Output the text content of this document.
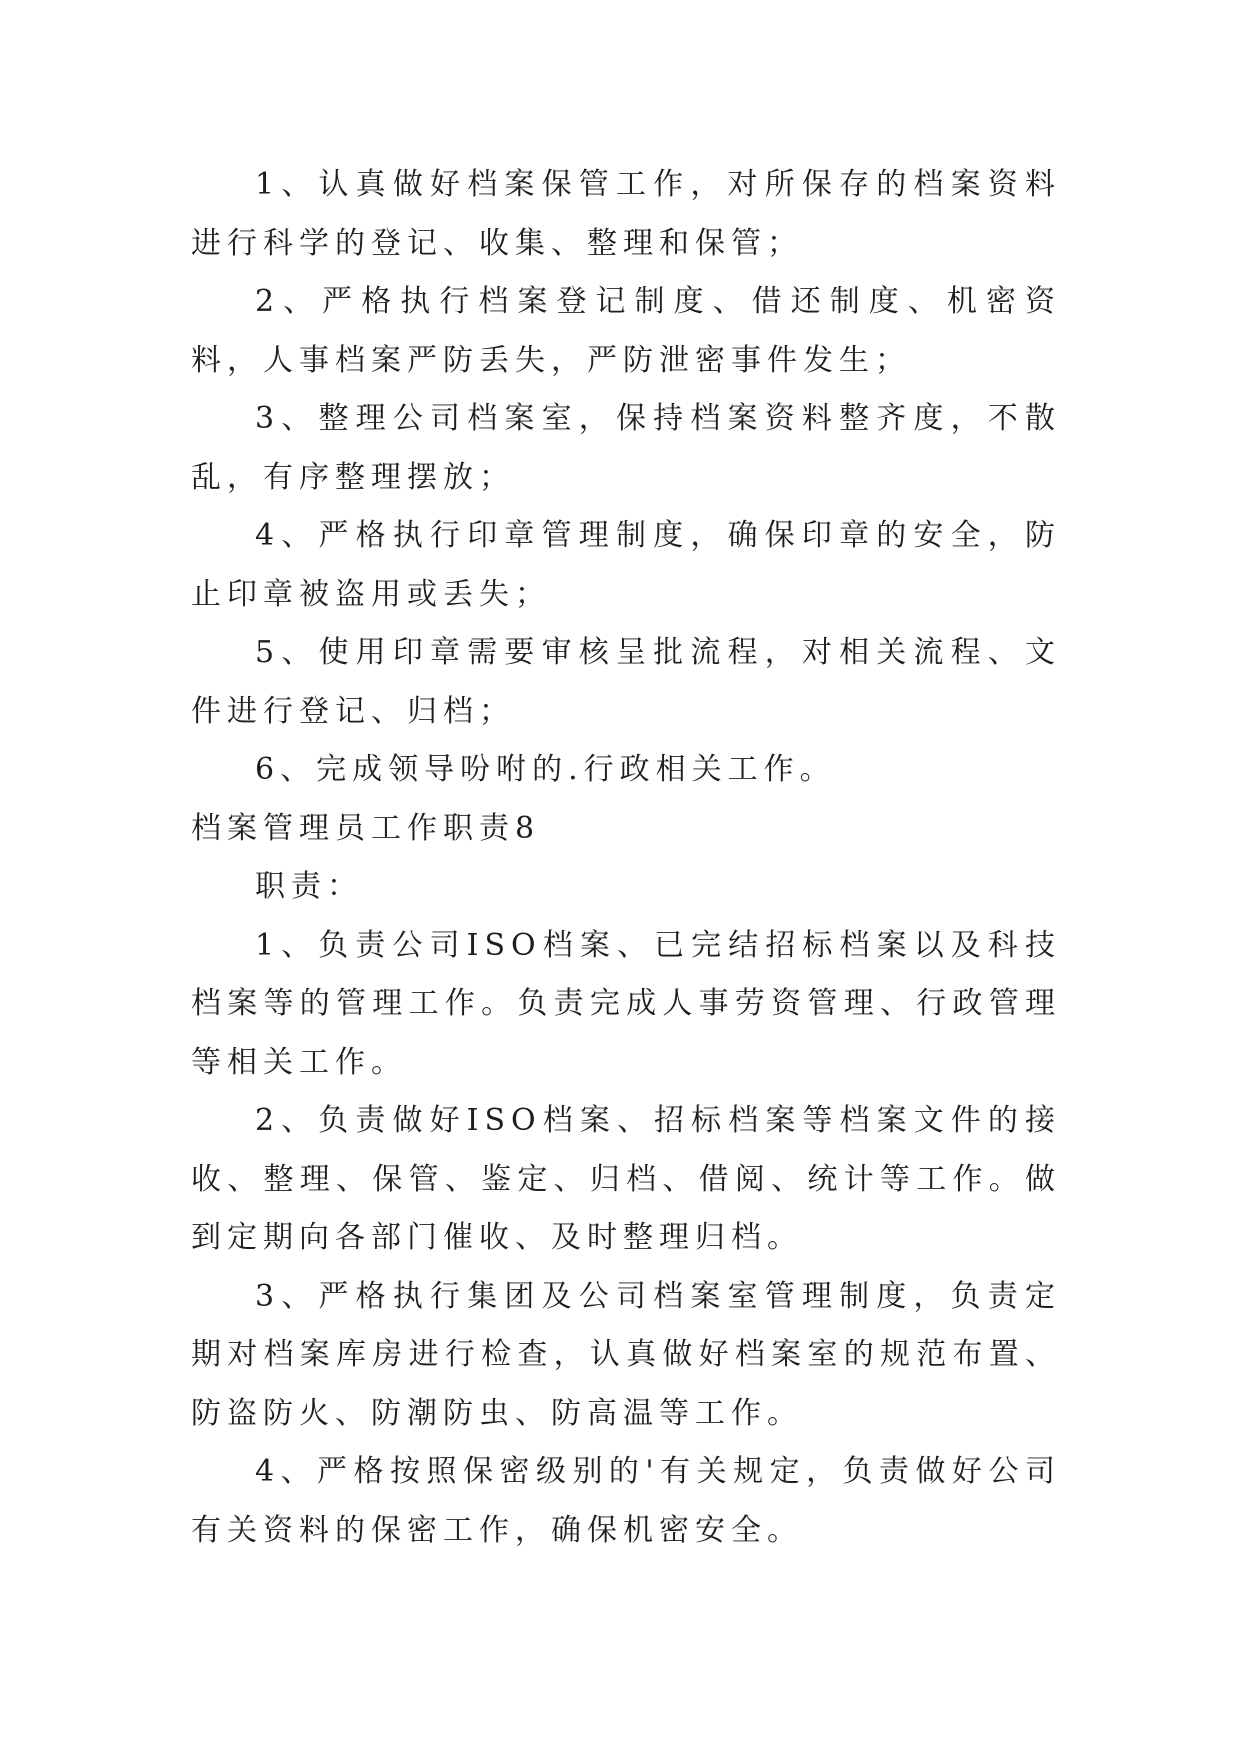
1、认真做好档案保管工作，对所保存的档案资料进行科学的登记、收集、整理和保管；

2、严格执行档案登记制度、借还制度、机密资料，人事档案严防丢失，严防泄密事件发生；

3、整理公司档案室，保持档案资料整齐度，不散乱，有序整理摆放；

4、严格执行印章管理制度，确保印章的安全，防止印章被盗用或丢失；

5、使用印章需要审核呈批流程，对相关流程、文件进行登记、归档；

6、完成领导吩咐的.行政相关工作。

档案管理员工作职责8

职责：

1、负责公司ISO档案、已完结招标档案以及科技档案等的管理工作。负责完成人事劳资管理、行政管理等相关工作。

2、负责做好ISO档案、招标档案等档案文件的接收、整理、保管、鉴定、归档、借阅、统计等工作。做到定期向各部门催收、及时整理归档。

3、严格执行集团及公司档案室管理制度，负责定期对档案库房进行检查，认真做好档案室的规范布置、防盗防火、防潮防虫、防高温等工作。

4、严格按照保密级别的'有关规定，负责做好公司有关资料的保密工作，确保机密安全。
